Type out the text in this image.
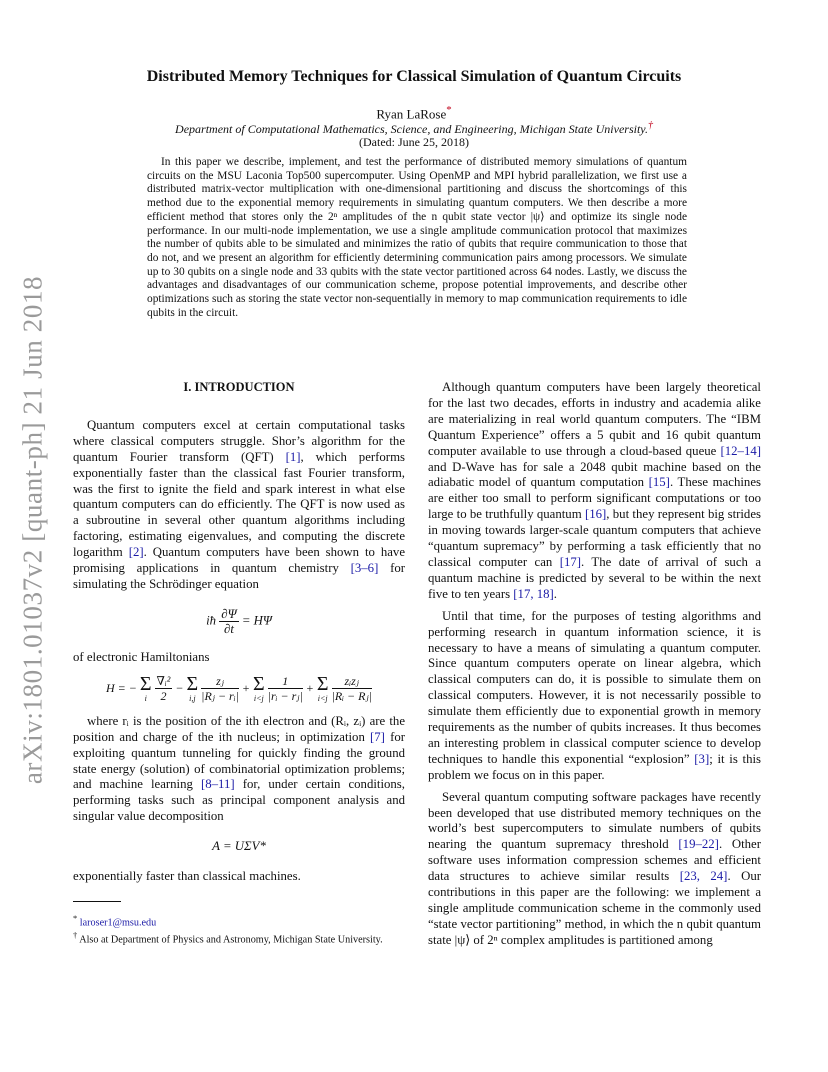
arXiv:1801.01037v2 [quant-ph] 21 Jun 2018
Distributed Memory Techniques for Classical Simulation of Quantum Circuits
Ryan LaRose*
Department of Computational Mathematics, Science, and Engineering, Michigan State University.†
(Dated: June 25, 2018)

In this paper we describe, implement, and test the performance of distributed memory simulations of quantum circuits on the MSU Laconia Top500 supercomputer. Using OpenMP and MPI hybrid parallelization, we first use a distributed matrix-vector multiplication with one-dimensional partitioning and discuss the shortcomings of this method due to the exponential memory requirements in simulating quantum computers. We then describe a more efficient method that stores only the 2ⁿ amplitudes of the n qubit state vector |ψ⟩ and optimize its single node performance. In our multi-node implementation, we use a single amplitude communication protocol that maximizes the number of qubits able to be simulated and minimizes the ratio of qubits that require communication to those that do not, and we present an algorithm for efficiently determining communication pairs among processors. We simulate up to 30 qubits on a single node and 33 qubits with the state vector partitioned across 64 nodes. Lastly, we discuss the advantages and disadvantages of our communication scheme, propose potential improvements, and describe other optimizations such as storing the state vector non-sequentially in memory to map communication requirements to idle qubits in the circuit.

I. INTRODUCTION

Quantum computers excel at certain computational tasks where classical computers struggle. Shor’s algorithm for the quantum Fourier transform (QFT) [1], which performs exponentially faster than the classical fast Fourier transform, was the first to ignite the field and spark interest in what else quantum computers can do efficiently. The QFT is now used as a subroutine in several other quantum algorithms including factoring, estimating eigenvalues, and computing the discrete logarithm [2]. Quantum computers have been shown to have promising applications in quantum chemistry [3–6] for simulating the Schrödinger equation

iħ $\frac{\partial\Psi}{\partial t} = H\Psi$

of electronic Hamiltonians

H = − Σ
i
$\frac{\text{∇ᵢ²}}{2} - \Sigma$
i,j
$\frac{\text{zⱼ}}{\text{|Rⱼ − rᵢ|}} + \Sigma$
i<j
$\frac{1}{\text{|rᵢ − rⱼ|}} + \Sigma$
i<j
$\frac{\text{zᵢzⱼ}}{\text{|Rᵢ − Rⱼ|}}$

where rᵢ is the position of the ith electron and (Rᵢ, zᵢ) are the position and charge of the ith nucleus; in optimization [7] for exploiting quantum tunneling for quickly finding the ground state energy (solution) of combinatorial optimization problems; and machine learning [8–11] for, under certain conditions, performing tasks such as principal component analysis and singular value decomposition

A = UΣV*

exponentially faster than classical machines.

* laroser1@msu.edu

† Also at Department of Physics and Astronomy, Michigan State University.

Although quantum computers have been largely theoretical for the last two decades, efforts in industry and academia alike are materializing in real world quantum computers. The “IBM Quantum Experience” offers a 5 qubit and 16 qubit quantum computer available to use through a cloud-based queue [12–14] and D-Wave has for sale a 2048 qubit machine based on the adiabatic model of quantum computation [15]. These machines are either too small to perform significant computations or too large to be truthfully quantum [16], but they represent big strides in moving towards larger-scale quantum computers that achieve “quantum supremacy” by performing a task efficiently that no classical computer can [17]. The date of arrival of such a quantum machine is predicted by several to be within the next five to ten years [17, 18].

Until that time, for the purposes of testing algorithms and performing research in quantum information science, it is necessary to have a means of simulating a quantum computer. Since quantum computers operate on linear algebra, which classical computers can do, it is possible to simulate them on classical computers. However, it is not necessarily possible to simulate them efficiently due to exponential growth in memory requirements as the number of qubits increases. It thus becomes an interesting problem in classical computer science to develop techniques to handle this exponential “explosion” [3]; it is this problem we focus on in this paper.

Several quantum computing software packages have recently been developed that use distributed memory techniques on the world’s best supercomputers to simulate numbers of qubits nearing the quantum supremacy threshold [19–22]. Other software uses information compression schemes and efficient data structures to achieve similar results [23, 24]. Our contributions in this paper are the following: we implement a single amplitude communication scheme in the commonly used “state vector partitioning” method, in which the n qubit quantum state |ψ⟩ of 2ⁿ complex amplitudes is partitioned among
